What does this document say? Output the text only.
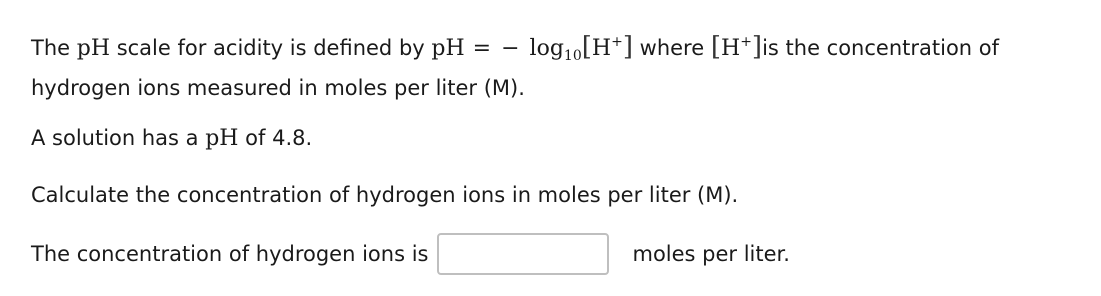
The pH scale for acidity is defined by pH = − $\log_{10}[H^+]$ where [H+]is the concentration of
hydrogen ions measured in moles per liter (M).
A solution has a pH of 4.8.
Calculate the concentration of hydrogen ions in moles per liter (M).
The concentration of hydrogen ions is	moles per liter.
